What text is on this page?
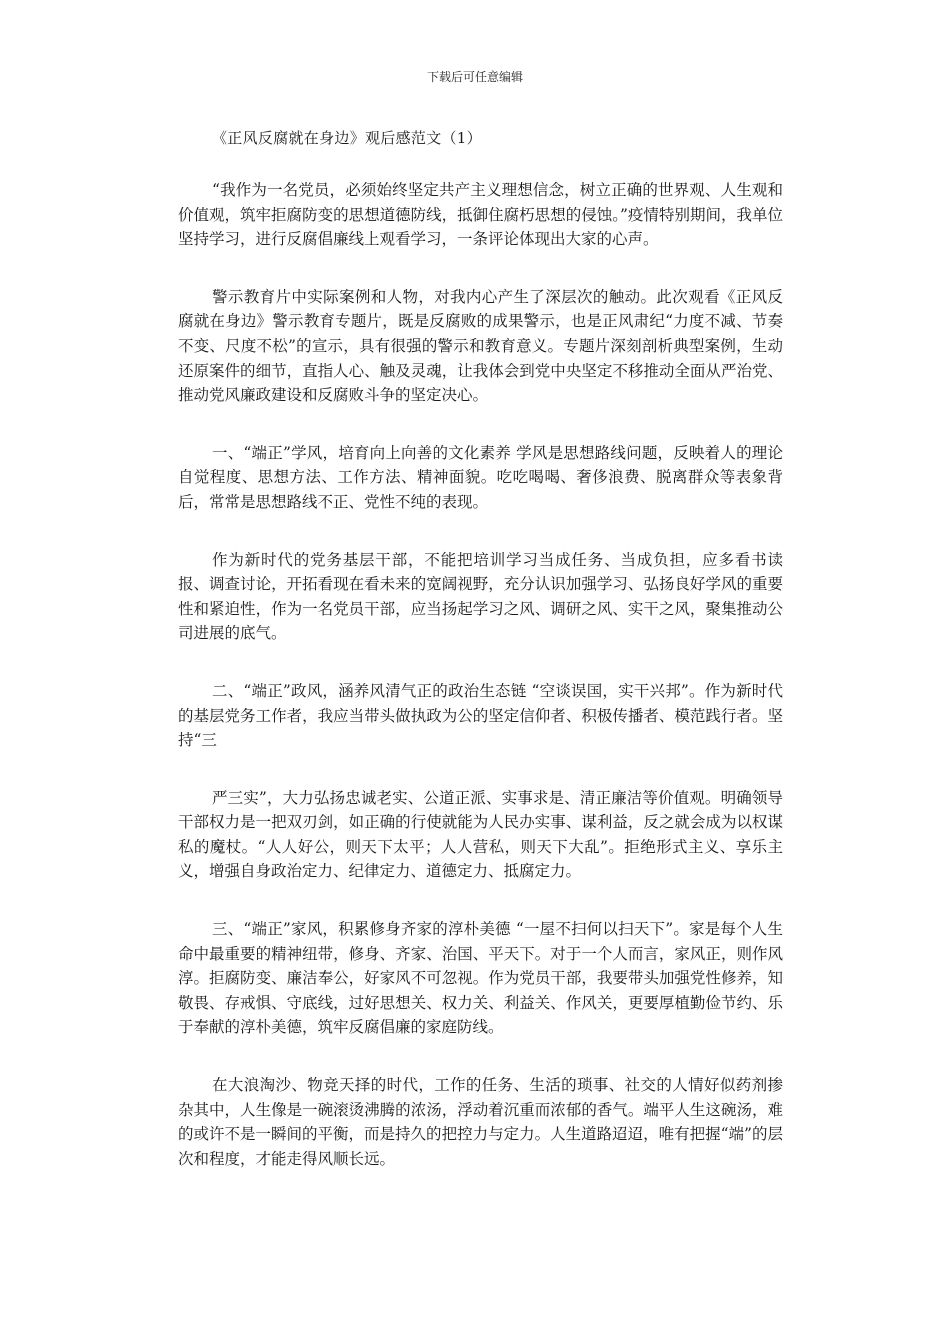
下载后可任意编辑
《正风反腐就在身边》观后感范文（1）

“我作为一名党员，必须始终坚定共产主义理想信念，树立正确的世界观、人生观和价值观，筑牢拒腐防变的思想道德防线，抵御住腐朽思想的侵蚀。”疫情特别期间，我单位坚持学习，进行反腐倡廉线上观看学习，一条评论体现出大家的心声。

警示教育片中实际案例和人物，对我内心产生了深层次的触动。此次观看《正风反腐就在身边》警示教育专题片，既是反腐败的成果警示，也是正风肃纪“力度不减、节奏不变、尺度不松”的宣示，具有很强的警示和教育意义。专题片深刻剖析典型案例，生动还原案件的细节，直指人心、触及灵魂，让我体会到党中央坚定不移推动全面从严治党、推动党风廉政建设和反腐败斗争的坚定决心。

一、“端正”学风，培育向上向善的文化素养 学风是思想路线问题，反映着人的理论自觉程度、思想方法、工作方法、精神面貌。吃吃喝喝、奢侈浪费、脱离群众等表象背后，常常是思想路线不正、党性不纯的表现。

作为新时代的党务基层干部，不能把培训学习当成任务、当成负担，应多看书读报、调查讨论，开拓看现在看未来的宽阔视野，充分认识加强学习、弘扬良好学风的重要性和紧迫性，作为一名党员干部，应当扬起学习之风、调研之风、实干之风，聚集推动公司进展的底气。

二、“端正”政风，涵养风清气正的政治生态链 “空谈误国，实干兴邦”。作为新时代的基层党务工作者，我应当带头做执政为公的坚定信仰者、积极传播者、模范践行者。坚持“三

严三实”，大力弘扬忠诚老实、公道正派、实事求是、清正廉洁等价值观。明确领导干部权力是一把双刃剑，如正确的行使就能为人民办实事、谋利益，反之就会成为以权谋私的魔杖。“人人好公，则天下太平；人人营私，则天下大乱”。拒绝形式主义、享乐主义，增强自身政治定力、纪律定力、道德定力、抵腐定力。

三、“端正”家风，积累修身齐家的淳朴美德 “一屋不扫何以扫天下”。家是每个人生命中最重要的精神纽带，修身、齐家、治国、平天下。对于一个人而言，家风正，则作风淳。拒腐防变、廉洁奉公，好家风不可忽视。作为党员干部，我要带头加强党性修养，知敬畏、存戒惧、守底线，过好思想关、权力关、利益关、作风关，更要厚植勤俭节约、乐于奉献的淳朴美德，筑牢反腐倡廉的家庭防线。

在大浪淘沙、物竞天择的时代，工作的任务、生活的琐事、社交的人情好似药剂掺杂其中，人生像是一碗滚烫沸腾的浓汤，浮动着沉重而浓郁的香气。端平人生这碗汤，难的或许不是一瞬间的平衡，而是持久的把控力与定力。人生道路迢迢，唯有把握“端”的层次和程度，才能走得风顺长远。
